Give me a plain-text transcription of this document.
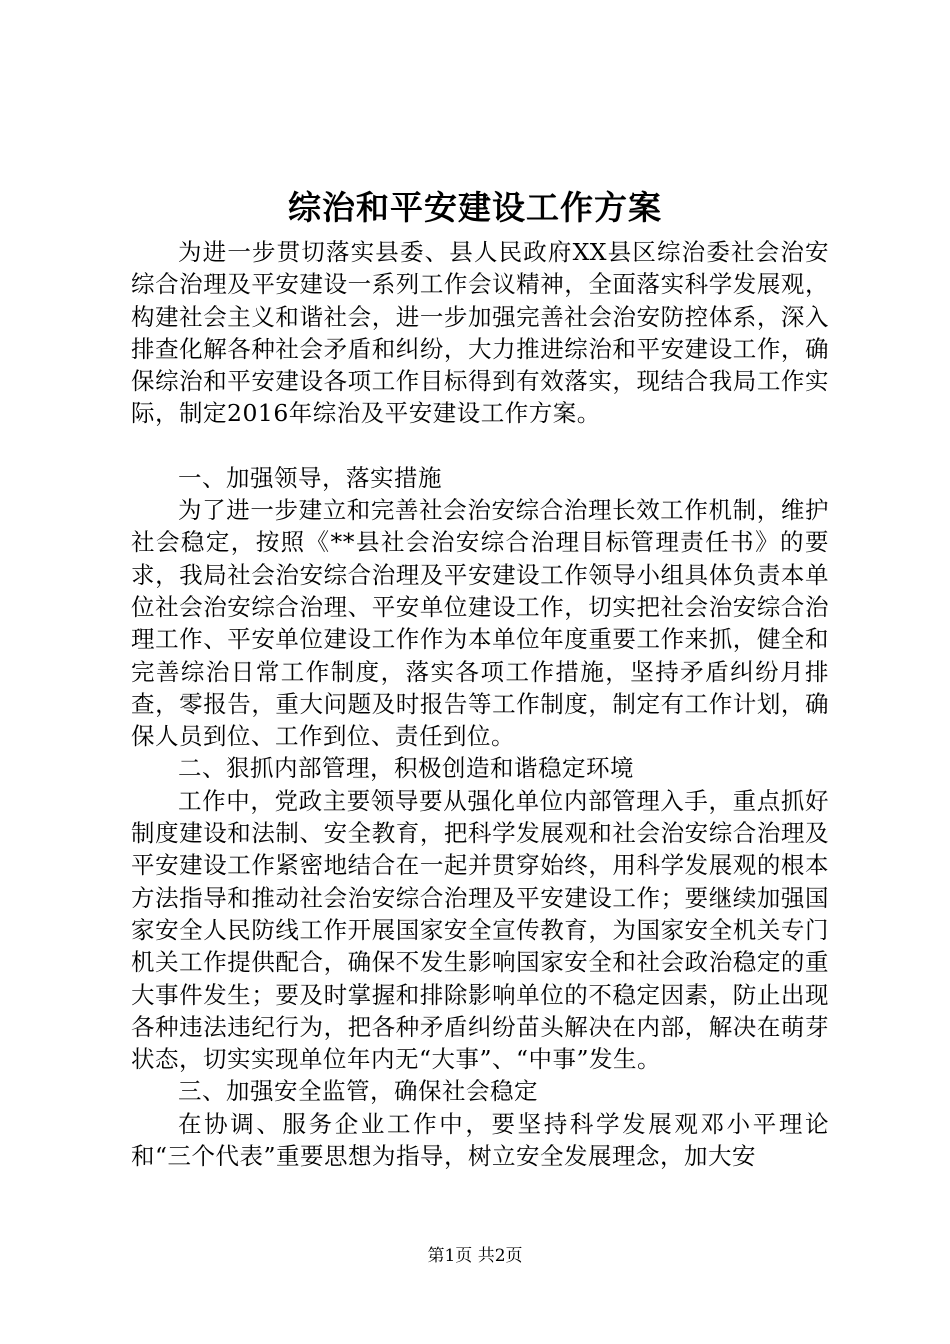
综治和平安建设工作方案

为进一步贯切落实县委、县人民政府XX县区综治委社会治安综合治理及平安建设一系列工作会议精神，全面落实科学发展观，构建社会主义和谐社会，进一步加强完善社会治安防控体系，深入排查化解各种社会矛盾和纠纷，大力推进综治和平安建设工作，确保综治和平安建设各项工作目标得到有效落实，现结合我局工作实际，制定2016年综治及平安建设工作方案。

一、加强领导，落实措施

为了进一步建立和完善社会治安综合治理长效工作机制，维护社会稳定，按照《**县社会治安综合治理目标管理责任书》的要求，我局社会治安综合治理及平安建设工作领导小组具体负责本单位社会治安综合治理、平安单位建设工作，切实把社会治安综合治理工作、平安单位建设工作作为本单位年度重要工作来抓，健全和完善综治日常工作制度，落实各项工作措施，坚持矛盾纠纷月排查，零报告，重大问题及时报告等工作制度，制定有工作计划，确保人员到位、工作到位、责任到位。

二、狠抓内部管理，积极创造和谐稳定环境

工作中，党政主要领导要从强化单位内部管理入手，重点抓好制度建设和法制、安全教育，把科学发展观和社会治安综合治理及平安建设工作紧密地结合在一起并贯穿始终，用科学发展观的根本方法指导和推动社会治安综合治理及平安建设工作；要继续加强国家安全人民防线工作开展国家安全宣传教育，为国家安全机关专门机关工作提供配合，确保不发生影响国家安全和社会政治稳定的重大事件发生；要及时掌握和排除影响单位的不稳定因素，防止出现各种违法违纪行为，把各种矛盾纠纷苗头解决在内部，解决在萌芽状态，切实实现单位年内无“大事”、“中事”发生。

三、加强安全监管，确保社会稳定

在协调、服务企业工作中，要坚持科学发展观邓小平理论和“三个代表”重要思想为指导，树立安全发展理念，加大安

第1页 共2页
